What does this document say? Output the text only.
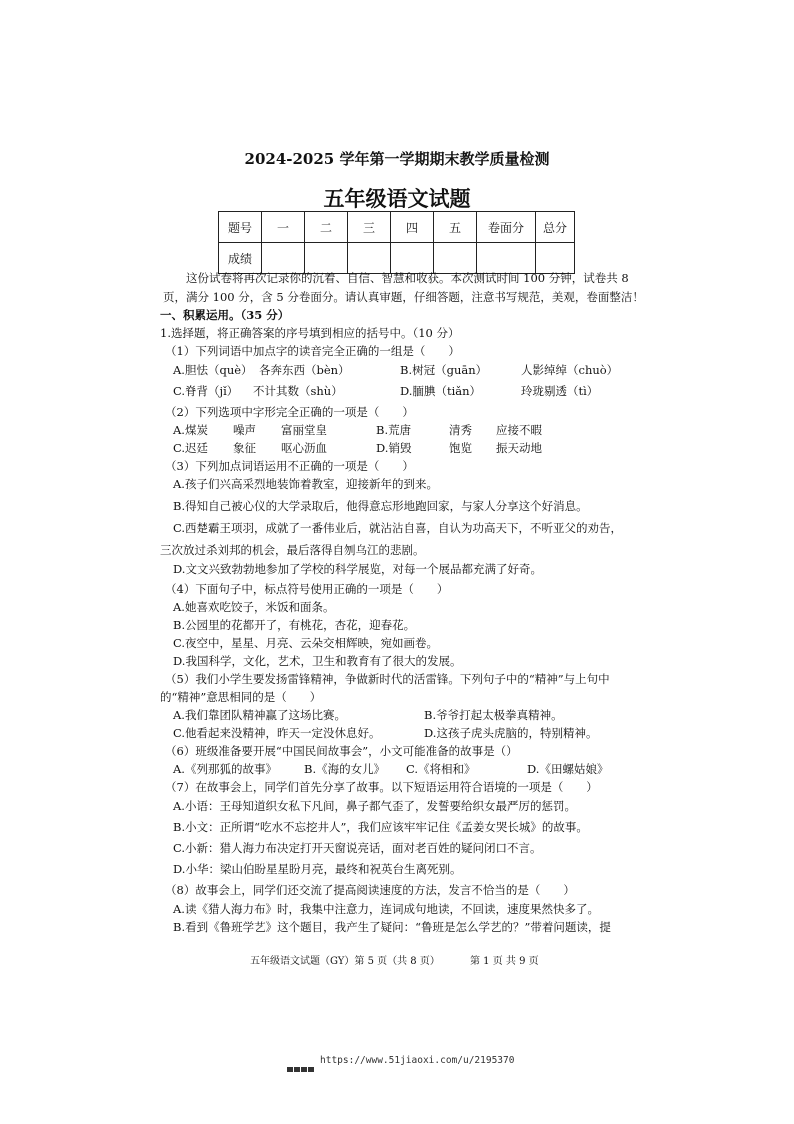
2024-2025 学年第一学期期末教学质量检测
五年级语文试题
题号	一	二	三	四	五	卷面分	总分
成绩							
这份试卷将再次记录你的沉着、自信、智慧和收获。本次测试时间 100 分钟，试卷共 8
页，满分 100 分，含 5 分卷面分。请认真审题，仔细答题，注意书写规范，美观，卷面整洁！
一、积累运用。（35 分）
1.选择题，将正确答案的序号填到相应的括号中。（10 分）
（1）下列词语中加点字的读音完全正确的一组是（　　）
A.胆怯（què） 各奔东西（bèn）	B.树冠（guān）	人影绰绰（chuò）
C.脊背（jǐ） 不计其数（shù）	D.腼腆（tiǎn）	玲珑剔透（tì）
（2）下列选项中字形完全正确的一项是（　　）
A.煤炭 噪声 富丽堂皇	B.荒唐	清秀 应接不暇
C.迟廷 象征 呕心沥血	D.销毁	饱览 振天动地
（3）下列加点词语运用不正确的一项是（　　）
A.孩子们兴高采烈地装饰着教室，迎接新年的到来。
B.得知自己被心仪的大学录取后，他得意忘形地跑回家，与家人分享这个好消息。
C.西楚霸王项羽，成就了一番伟业后，就沾沾自喜，自认为功高天下，不听亚父的劝告，
三次放过杀刘邦的机会，最后落得自刎乌江的悲剧。
D.文文兴致勃勃地参加了学校的科学展览，对每一个展品都充满了好奇。
（4）下面句子中，标点符号使用正确的一项是（　　）
A.她喜欢吃饺子，米饭和面条。
B.公园里的花都开了，有桃花，杏花，迎春花。
C.夜空中，星星、月亮、云朵交相辉映，宛如画卷。
D.我国科学，文化，艺术，卫生和教育有了很大的发展。
（5）我们小学生要发扬雷锋精神，争做新时代的活雷锋。下列句子中的“精神”与上句中
的“精神”意思相同的是（　　）
A.我们靠团队精神赢了这场比赛。	B.爷爷打起太极拳真精神。
C.他看起来没精神，昨天一定没休息好。	D.这孩子虎头虎脑的，特别精神。
（6）班级准备要开展“中国民间故事会”，小文可能准备的故事是（）
A.《列那狐的故事》 B.《海的女儿》 C.《将相和》	D.《田螺姑娘》
（7）在故事会上，同学们首先分享了故事。以下短语运用符合语境的一项是（　　）
A.小语：王母知道织女私下凡间，鼻子都气歪了，发誓要给织女最严厉的惩罚。
B.小文：正所谓“吃水不忘挖井人”，我们应该牢牢记住《孟姜女哭长城》的故事。
C.小新：猎人海力布决定打开天窗说亮话，面对老百姓的疑问闭口不言。
D.小华：梁山伯盼星星盼月亮，最终和祝英台生离死别。
（8）故事会上，同学们还交流了提高阅读速度的方法，发言不恰当的是（　　）
A.读《猎人海力布》时，我集中注意力，连词成句地读，不回读，速度果然快多了。
B.看到《鲁班学艺》这个题目，我产生了疑问：“鲁班是怎么学艺的？”带着问题读，提
五年级语文试题（GY）第 5 页（共 8 页）	第 1 页 共 9 页
https://www.51jiaoxi.com/u/2195370
